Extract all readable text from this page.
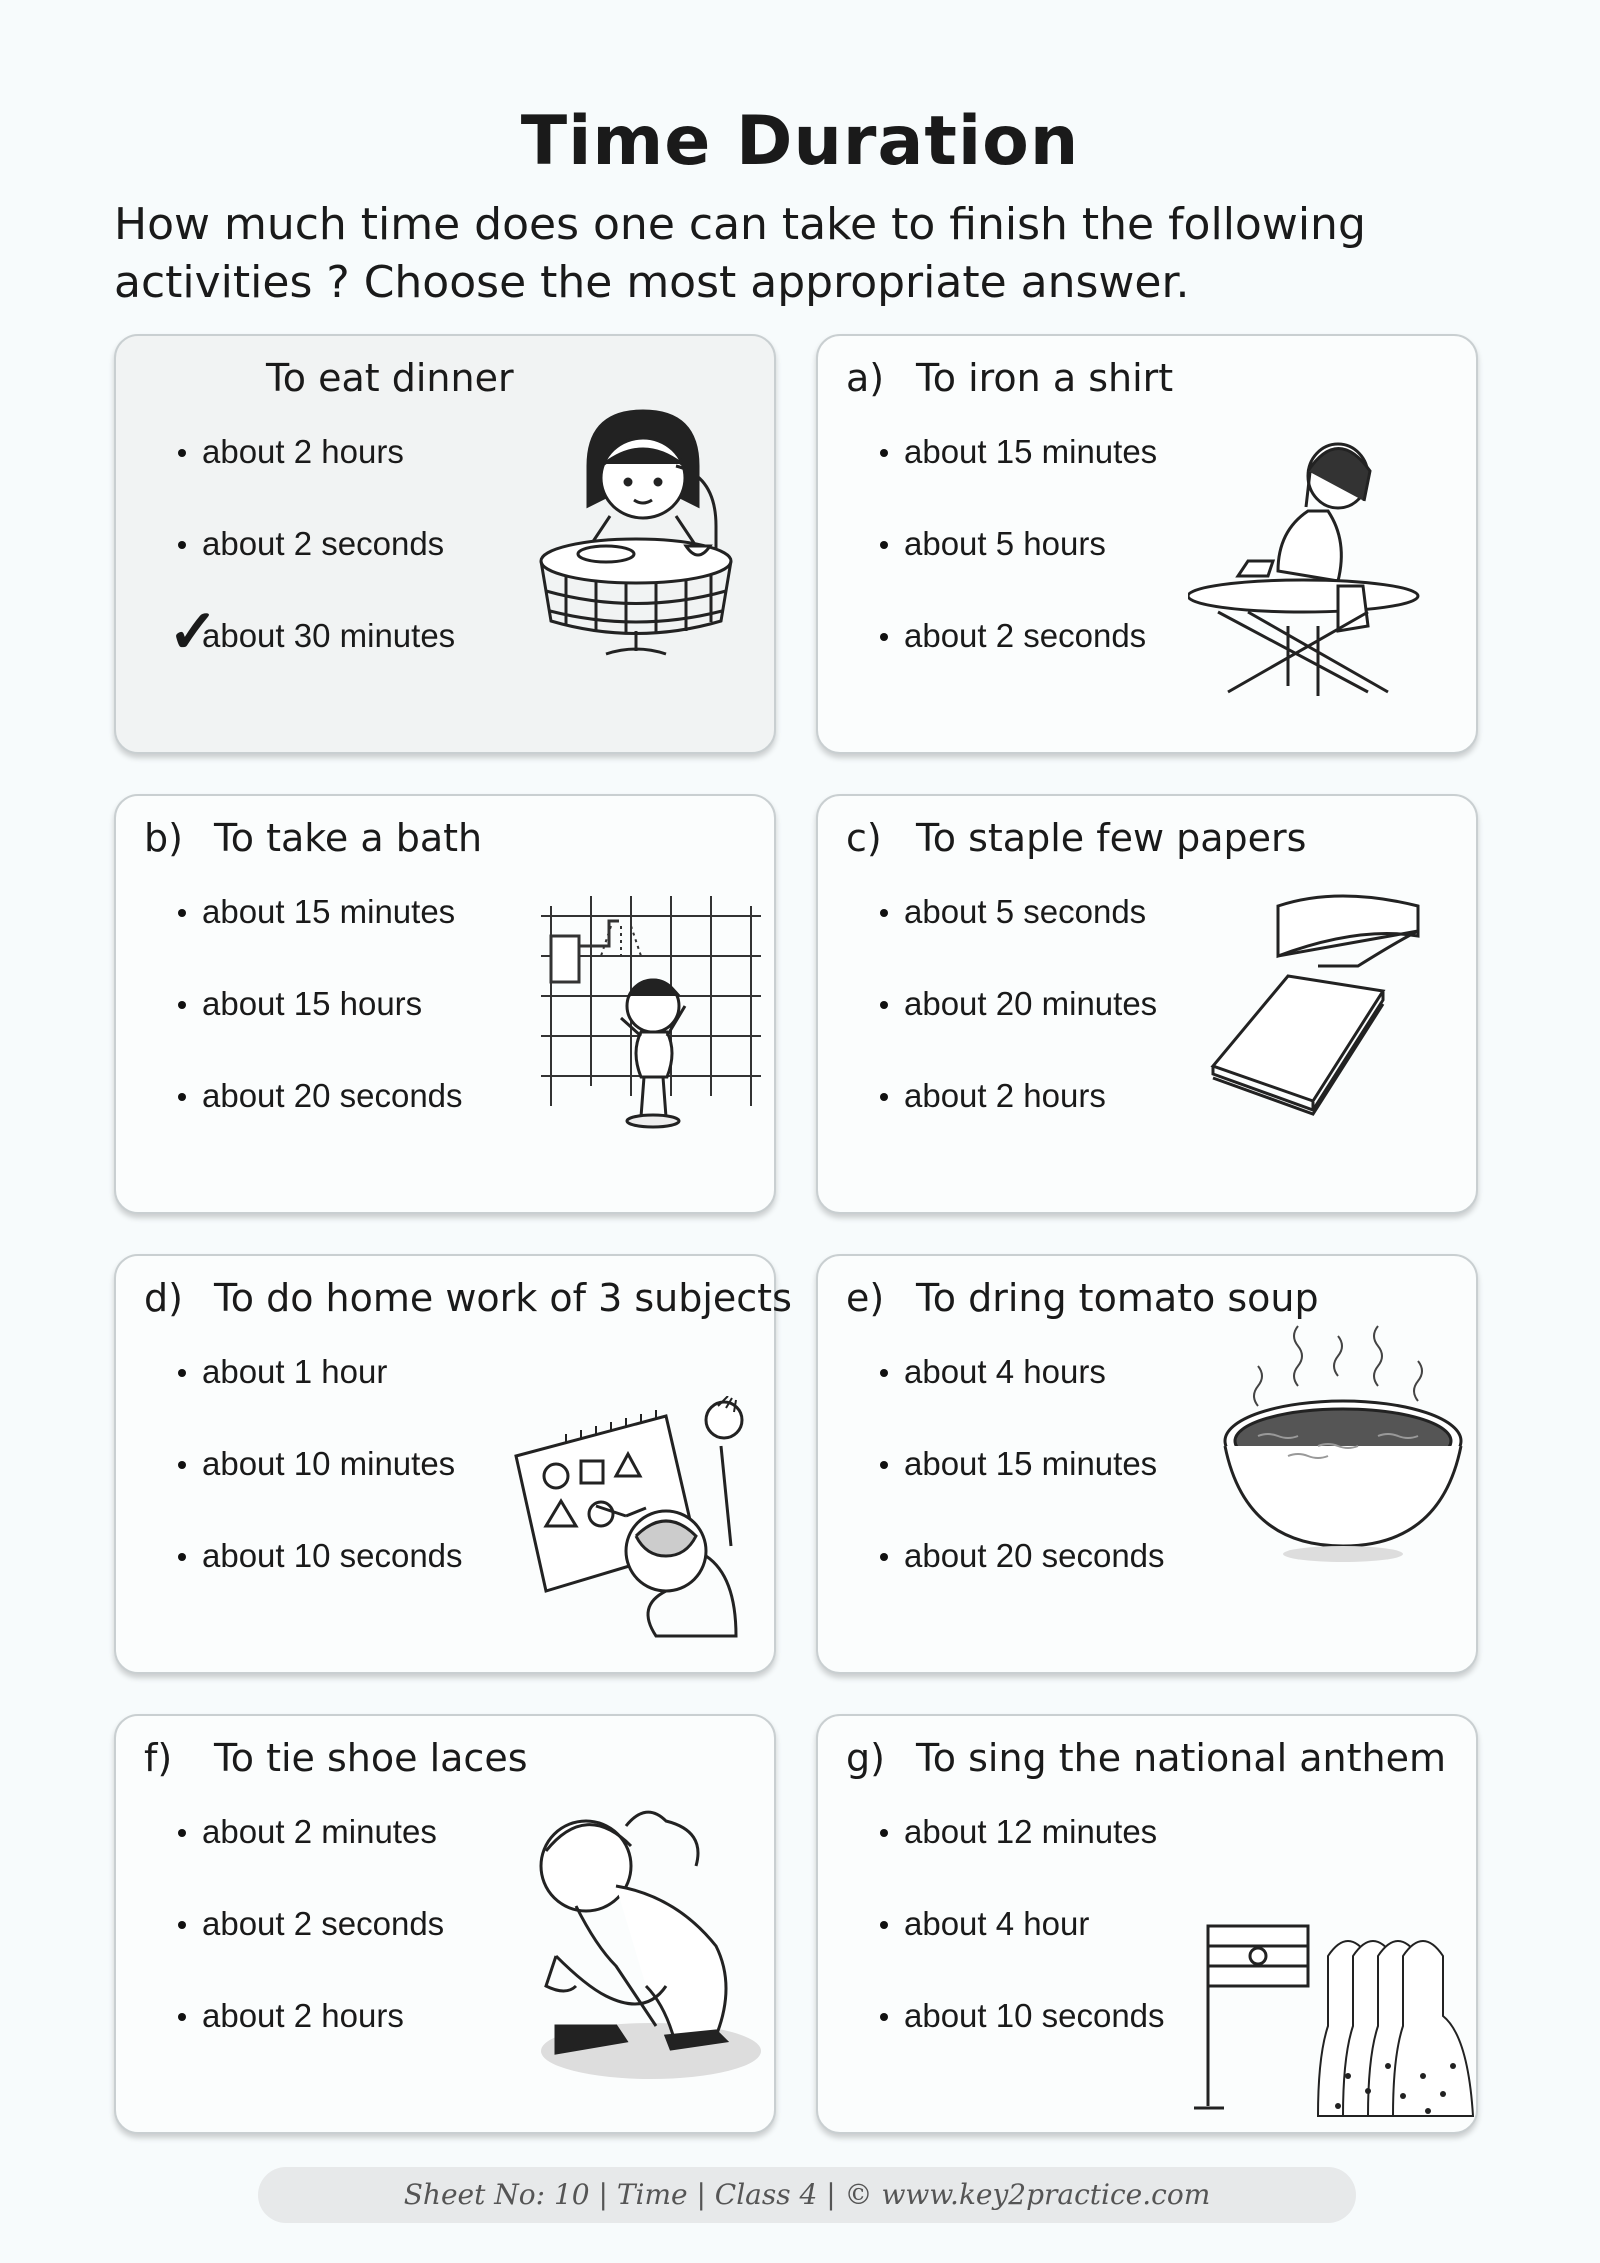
Time Duration
How much time does one can take to finish the following activities ? Choose the most appropriate answer.
To eat dinner
about 2 hours
about 2 seconds
✓
about 30 minutes
a) To iron a shirt
about 15 minutes
about 5 hours
about 2 seconds
b) To take a bath
about 15 minutes
about 15 hours
about 20 seconds
c) To staple few papers
about 5 seconds
about 20 minutes
about 2 hours
d) To do home work of 3 subjects
about 1 hour
about 10 minutes
about 10 seconds
e) To dring tomato soup
about 4 hours
about 15 minutes
about 20 seconds
f) To tie shoe laces
about 2 minutes
about 2 seconds
about 2 hours
g) To sing the national anthem
about 12 minutes
about 4 hour
about 10 seconds
Sheet No: 10 | Time | Class 4 | © www.key2practice.com
